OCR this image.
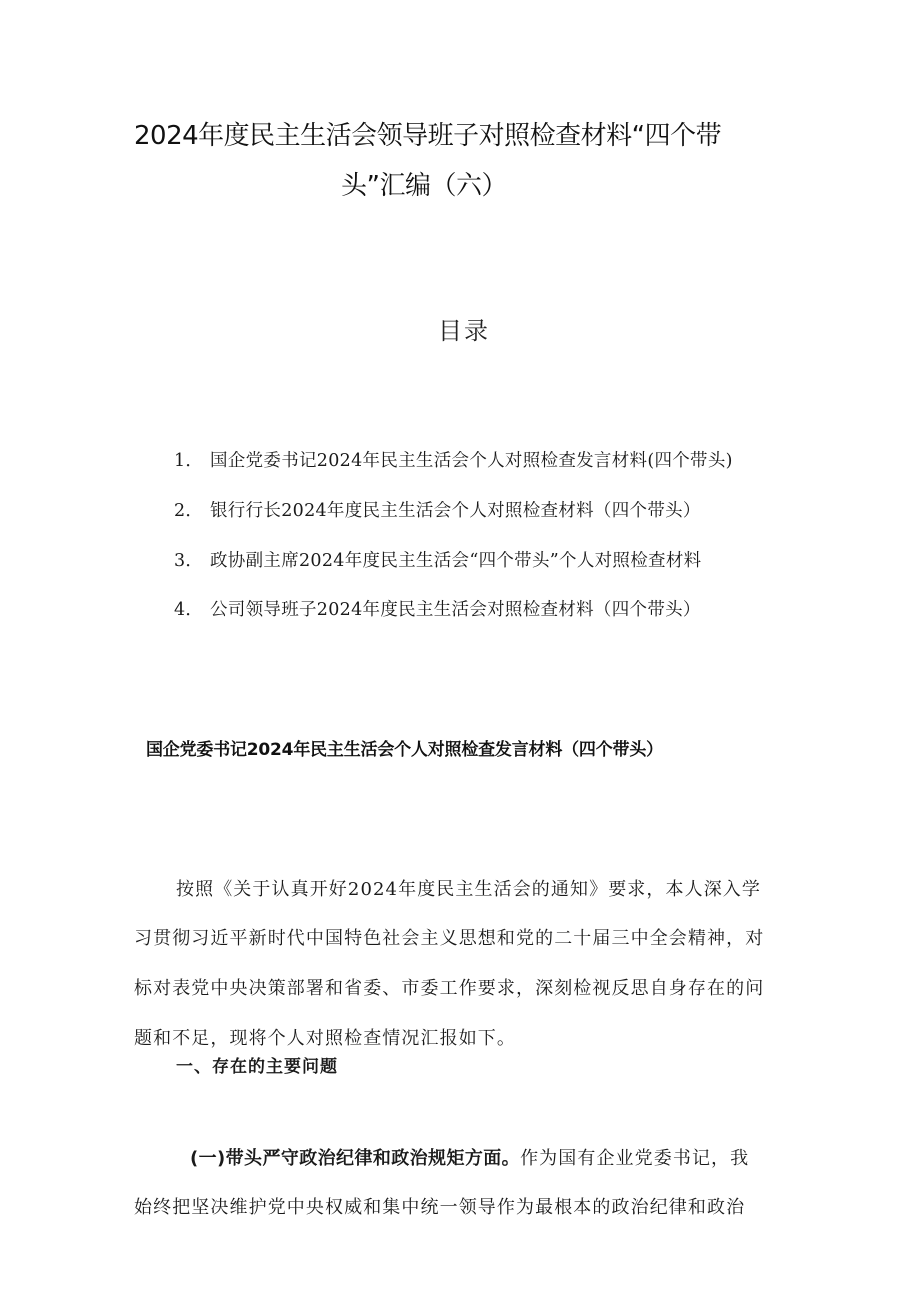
2024年度民主生活会领导班子对照检查材料“四个带
头”汇编（六）
目录
1． 国企党委书记2024年民主生活会个人对照检查发言材料(四个带头)
2． 银行行长2024年度民主生活会个人对照检查材料（四个带头）
3． 政协副主席2024年度民主生活会“四个带头”个人对照检查材料
4． 公司领导班子2024年度民主生活会对照检查材料（四个带头）
国企党委书记2024年民主生活会个人对照检查发言材料（四个带头）
按照《关于认真开好2024年度民主生活会的通知》要求，本人深入学
习贯彻习近平新时代中国特色社会主义思想和党的二十届三中全会精神，对
标对表党中央决策部署和省委、市委工作要求，深刻检视反思自身存在的问
题和不足，现将个人对照检查情况汇报如下。
一、存在的主要问题
(一)带头严守政治纪律和政治规矩方面。作为国有企业党委书记，我
始终把坚决维护党中央权威和集中统一领导作为最根本的政治纪律和政治
